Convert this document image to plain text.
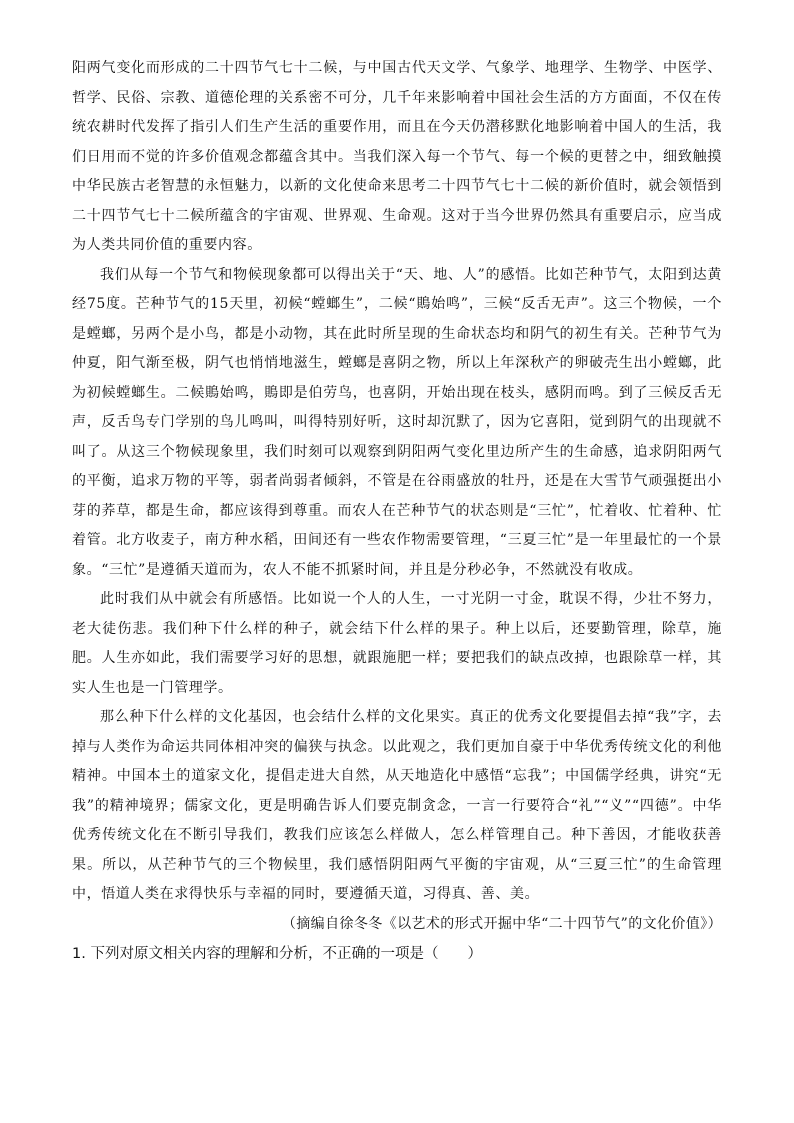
阳两气变化而形成的二十四节气七十二候，与中国古代天文学、气象学、地理学、生物学、中医学、哲学、民俗、宗教、道德伦理的关系密不可分，几千年来影响着中国社会生活的方方面面，不仅在传统农耕时代发挥了指引人们生产生活的重要作用，而且在今天仍潜移默化地影响着中国人的生活，我们日用而不觉的许多价值观念都蕴含其中。当我们深入每一个节气、每一个候的更替之中，细致触摸中华民族古老智慧的永恒魅力，以新的文化使命来思考二十四节气七十二候的新价值时，就会领悟到二十四节气七十二候所蕴含的宇宙观、世界观、生命观。这对于当今世界仍然具有重要启示，应当成为人类共同价值的重要内容。

我们从每一个节气和物候现象都可以得出关于“天、地、人”的感悟。比如芒种节气，太阳到达黄经75度。芒种节气的15天里，初候“螳螂生”，二候“鵙始鸣”，三候“反舌无声”。这三个物候，一个是螳螂，另两个是小鸟，都是小动物，其在此时所呈现的生命状态均和阴气的初生有关。芒种节气为仲夏，阳气渐至极，阴气也悄悄地滋生，螳螂是喜阴之物，所以上年深秋产的卵破壳生出小螳螂，此为初候螳螂生。二候鵙始鸣，鵙即是伯劳鸟，也喜阴，开始出现在枝头，感阴而鸣。到了三候反舌无声，反舌鸟专门学别的鸟儿鸣叫，叫得特别好听，这时却沉默了，因为它喜阳，觉到阴气的出现就不叫了。从这三个物候现象里，我们时刻可以观察到阴阳两气变化里边所产生的生命感，追求阴阳两气的平衡，追求万物的平等，弱者尚弱者倾斜，不管是在谷雨盛放的牡丹，还是在大雪节气顽强挺出小芽的荞草，都是生命，都应该得到尊重。而农人在芒种节气的状态则是“三忙”，忙着收、忙着种、忙着管。北方收麦子，南方种水稻，田间还有一些农作物需要管理，“三夏三忙”是一年里最忙的一个景象。“三忙”是遵循天道而为，农人不能不抓紧时间，并且是分秒必争，不然就没有收成。

此时我们从中就会有所感悟。比如说一个人的人生，一寸光阴一寸金，耽误不得，少壮不努力，老大徒伤悲。我们种下什么样的种子，就会结下什么样的果子。种上以后，还要勤管理，除草，施肥。人生亦如此，我们需要学习好的思想，就跟施肥一样；要把我们的缺点改掉，也跟除草一样，其实人生也是一门管理学。

那么种下什么样的文化基因，也会结什么样的文化果实。真正的优秀文化要提倡去掉“我”字，去掉与人类作为命运共同体相冲突的偏狭与执念。以此观之，我们更加自豪于中华优秀传统文化的利他精神。中国本土的道家文化，提倡走进大自然，从天地造化中感悟“忘我”；中国儒学经典，讲究“无我”的精神境界；儒家文化，更是明确告诉人们要克制贪念，一言一行要符合“礼”“义”“四德”。中华优秀传统文化在不断引导我们，教我们应该怎么样做人，怎么样管理自己。种下善因，才能收获善果。所以，从芒种节气的三个物候里，我们感悟阴阳两气平衡的宇宙观，从“三夏三忙”的生命管理中，悟道人类在求得快乐与幸福的同时，要遵循天道，习得真、善、美。

（摘编自徐冬冬《以艺术的形式开掘中华“二十四节气”的文化价值》）

1. 下列对原文相关内容的理解和分析，不正确的一项是（　　）
